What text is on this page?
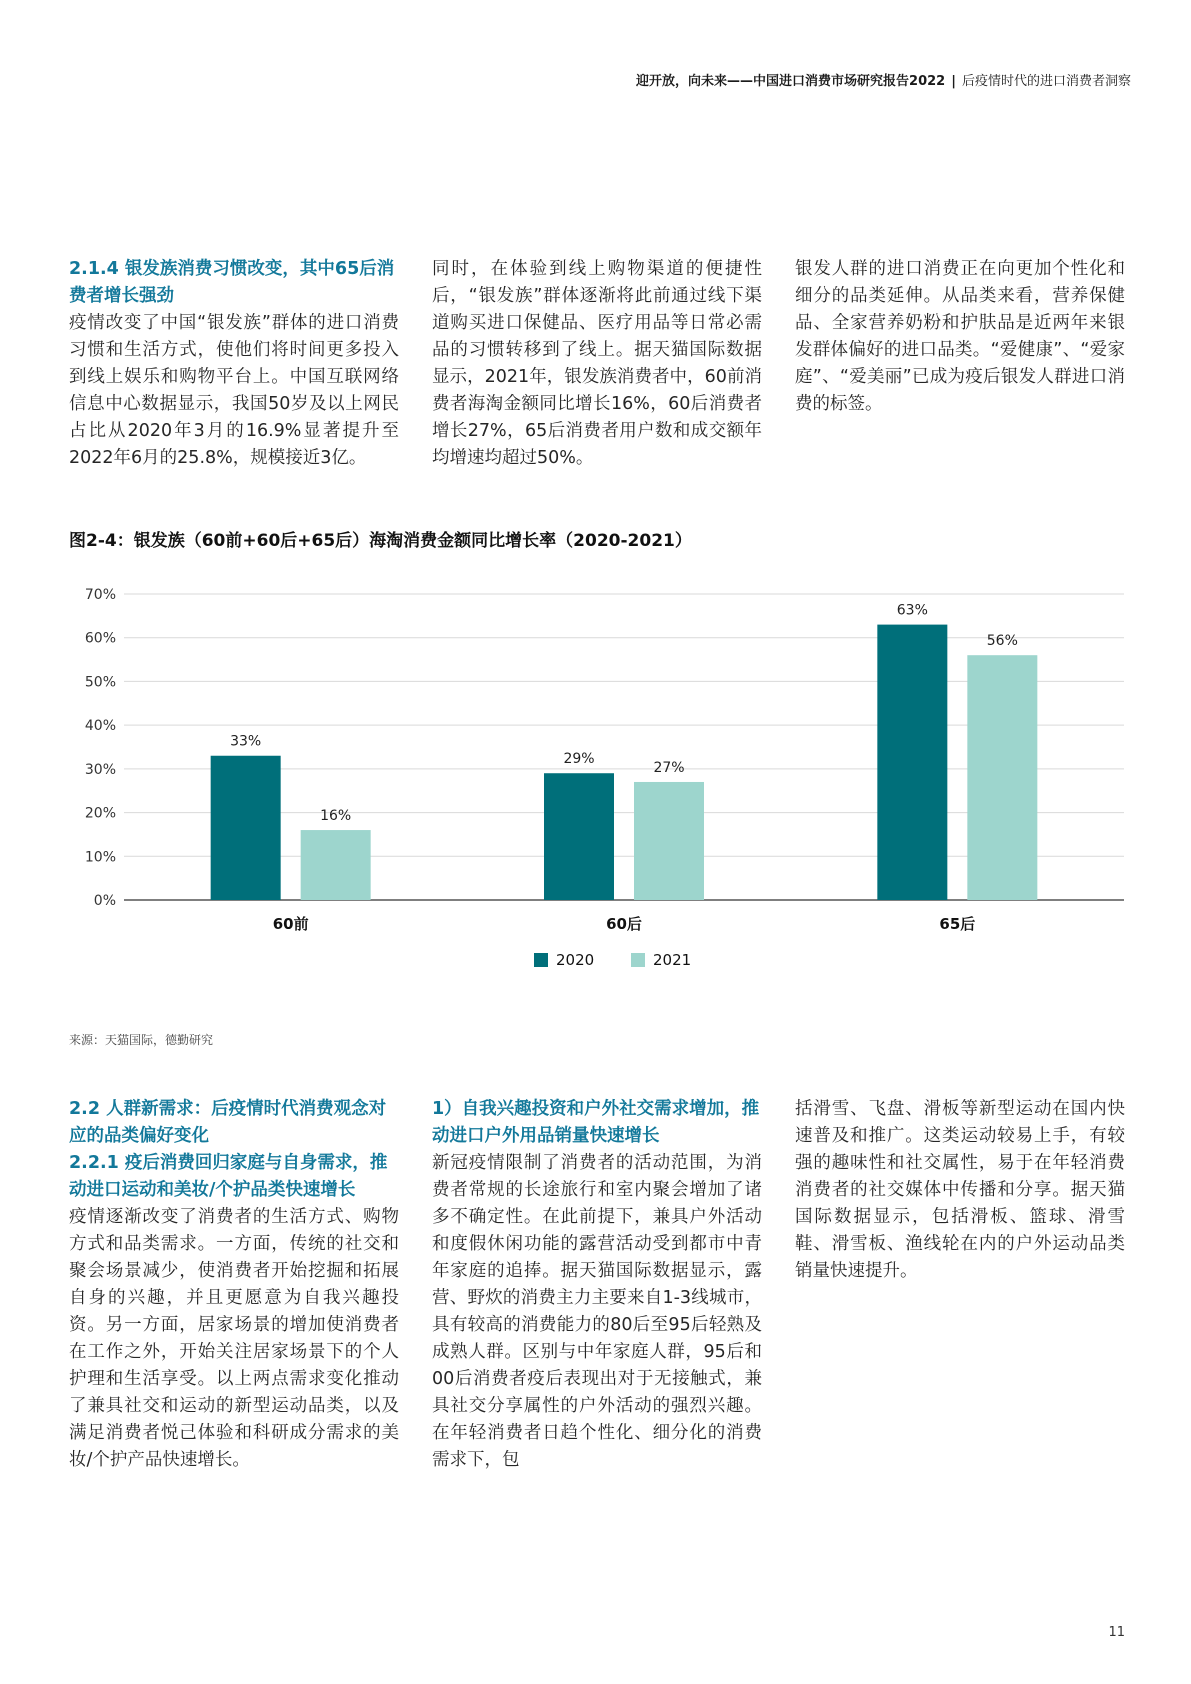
迎开放，向未来——中国进口消费市场研究报告2022 | 后疫情时代的进口消费者洞察
2.1.4 银发族消费习惯改变，其中65后消费者增长强劲

疫情改变了中国“银发族”群体的进口消费习惯和生活方式，使他们将时间更多投入到线上娱乐和购物平台上。中国互联网络信息中心数据显示，我国50岁及以上网民占比从2020年3月的16.9%显著提升至2022年6月的25.8%，规模接近3亿。

同时，在体验到线上购物渠道的便捷性后，“银发族”群体逐渐将此前通过线下渠道购买进口保健品、医疗用品等日常必需品的习惯转移到了线上。据天猫国际数据显示，2021年，银发族消费者中，60前消费者海淘金额同比增长16%，60后消费者增长27%，65后消费者用户数和成交额年均增速均超过50%。

银发人群的进口消费正在向更加个性化和细分的品类延伸。从品类来看，营养保健品、全家营养奶粉和护肤品是近两年来银发群体偏好的进口品类。“爱健康”、“爱家庭”、“爱美丽”已成为疫后银发人群进口消费的标签。

图2-4：银发族（60前+60后+65后）海淘消费金额同比增长率（2020-2021）
0%
10%
20%
30%
40%
50%
60%
70%
33%
16%
60前
29%
27%
60后
63%
56%
65后
2020	2021
来源：天猫国际，德勤研究
2.2 人群新需求：后疫情时代消费观念对应的品类偏好变化
2.2.1 疫后消费回归家庭与自身需求，推动进口运动和美妆/个护品类快速增长

疫情逐渐改变了消费者的生活方式、购物方式和品类需求。一方面，传统的社交和聚会场景减少，使消费者开始挖掘和拓展自身的兴趣，并且更愿意为自我兴趣投资。另一方面，居家场景的增加使消费者在工作之外，开始关注居家场景下的个人护理和生活享受。以上两点需求变化推动了兼具社交和运动的新型运动品类，以及满足消费者悦己体验和科研成分需求的美妆/个护产品快速增长。

1）自我兴趣投资和户外社交需求增加，推动进口户外用品销量快速增长

新冠疫情限制了消费者的活动范围，为消费者常规的长途旅行和室内聚会增加了诸多不确定性。在此前提下，兼具户外活动和度假休闲功能的露营活动受到都市中青年家庭的追捧。据天猫国际数据显示，露营、野炊的消费主力主要来自1-3线城市，具有较高的消费能力的80后至95后轻熟及成熟人群。区别与中年家庭人群，95后和00后消费者疫后表现出对于无接触式，兼具社交分享属性的户外活动的强烈兴趣。在年轻消费者日趋个性化、细分化的消费需求下，包

括滑雪、飞盘、滑板等新型运动在国内快速普及和推广。这类运动较易上手，有较强的趣味性和社交属性，易于在年轻消费消费者的社交媒体中传播和分享。据天猫国际数据显示，包括滑板、篮球、滑雪鞋、滑雪板、渔线轮在内的户外运动品类销量快速提升。

11
